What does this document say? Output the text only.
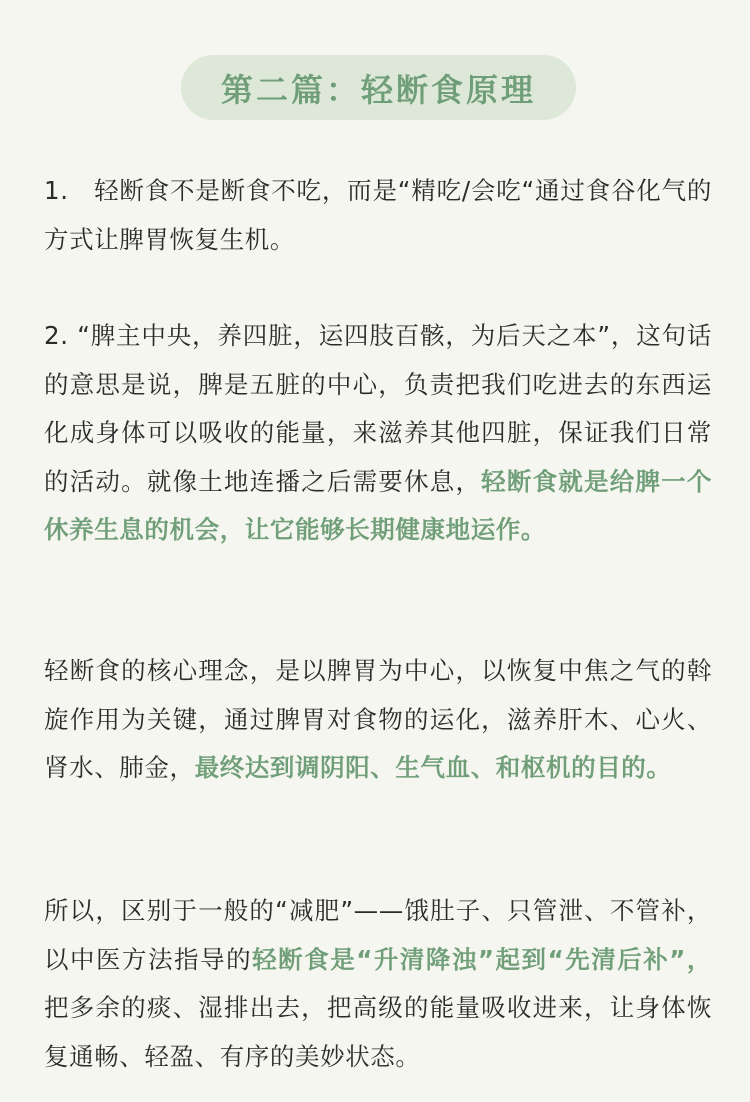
第二篇：轻断食原理

1.　轻断食不是断食不吃，而是“精吃/会吃“通过食谷化气的方式让脾胃恢复生机。

2. “脾主中央，养四脏，运四肢百骸，为后天之本”，这句话的意思是说，脾是五脏的中心，负责把我们吃进去的东西运化成身体可以吸收的能量，来滋养其他四脏，保证我们日常的活动。就像土地连播之后需要休息，轻断食就是给脾一个休养生息的机会，让它能够长期健康地运作。

轻断食的核心理念，是以脾胃为中心，以恢复中焦之气的斡旋作用为关键，通过脾胃对食物的运化，滋养肝木、心火、肾水、肺金，最终达到调阴阳、生气血、和枢机的目的。

所以，区别于一般的“减肥”——饿肚子、只管泄、不管补，以中医方法指导的轻断食是“升清降浊”起到“先清后补”，把多余的痰、湿排出去，把高级的能量吸收进来，让身体恢复通畅、轻盈、有序的美妙状态。
